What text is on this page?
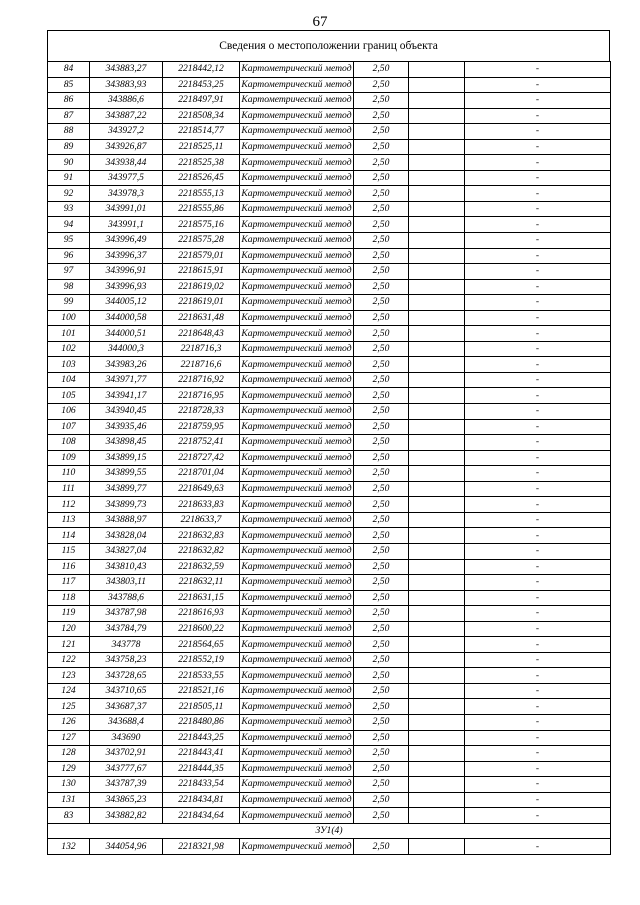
67
Сведения о местоположении границ объекта
84	343883,27	2218442,12	Картометрический метод	2,50		-
85	343883,93	2218453,25	Картометрический метод	2,50		-
86	343886,6	2218497,91	Картометрический метод	2,50		-
87	343887,22	2218508,34	Картометрический метод	2,50		-
88	343927,2	2218514,77	Картометрический метод	2,50		-
89	343926,87	2218525,11	Картометрический метод	2,50		-
90	343938,44	2218525,38	Картометрический метод	2,50		-
91	343977,5	2218526,45	Картометрический метод	2,50		-
92	343978,3	2218555,13	Картометрический метод	2,50		-
93	343991,01	2218555,86	Картометрический метод	2,50		-
94	343991,1	2218575,16	Картометрический метод	2,50		-
95	343996,49	2218575,28	Картометрический метод	2,50		-
96	343996,37	2218579,01	Картометрический метод	2,50		-
97	343996,91	2218615,91	Картометрический метод	2,50		-
98	343996,93	2218619,02	Картометрический метод	2,50		-
99	344005,12	2218619,01	Картометрический метод	2,50		-
100	344000,58	2218631,48	Картометрический метод	2,50		-
101	344000,51	2218648,43	Картометрический метод	2,50		-
102	344000,3	2218716,3	Картометрический метод	2,50		-
103	343983,26	2218716,6	Картометрический метод	2,50		-
104	343971,77	2218716,92	Картометрический метод	2,50		-
105	343941,17	2218716,95	Картометрический метод	2,50		-
106	343940,45	2218728,33	Картометрический метод	2,50		-
107	343935,46	2218759,95	Картометрический метод	2,50		-
108	343898,45	2218752,41	Картометрический метод	2,50		-
109	343899,15	2218727,42	Картометрический метод	2,50		-
110	343899,55	2218701,04	Картометрический метод	2,50		-
111	343899,77	2218649,63	Картометрический метод	2,50		-
112	343899,73	2218633,83	Картометрический метод	2,50		-
113	343888,97	2218633,7	Картометрический метод	2,50		-
114	343828,04	2218632,83	Картометрический метод	2,50		-
115	343827,04	2218632,82	Картометрический метод	2,50		-
116	343810,43	2218632,59	Картометрический метод	2,50		-
117	343803,11	2218632,11	Картометрический метод	2,50		-
118	343788,6	2218631,15	Картометрический метод	2,50		-
119	343787,98	2218616,93	Картометрический метод	2,50		-
120	343784,79	2218600,22	Картометрический метод	2,50		-
121	343778	2218564,65	Картометрический метод	2,50		-
122	343758,23	2218552,19	Картометрический метод	2,50		-
123	343728,65	2218533,55	Картометрический метод	2,50		-
124	343710,65	2218521,16	Картометрический метод	2,50		-
125	343687,37	2218505,11	Картометрический метод	2,50		-
126	343688,4	2218480,86	Картометрический метод	2,50		-
127	343690	2218443,25	Картометрический метод	2,50		-
128	343702,91	2218443,41	Картометрический метод	2,50		-
129	343777,67	2218444,35	Картометрический метод	2,50		-
130	343787,39	2218433,54	Картометрический метод	2,50		-
131	343865,23	2218434,81	Картометрический метод	2,50		-
83	343882,82	2218434,64	Картометрический метод	2,50		-
ЗУ1(4)						
132	344054,96	2218321,98	Картометрический метод	2,50		-
